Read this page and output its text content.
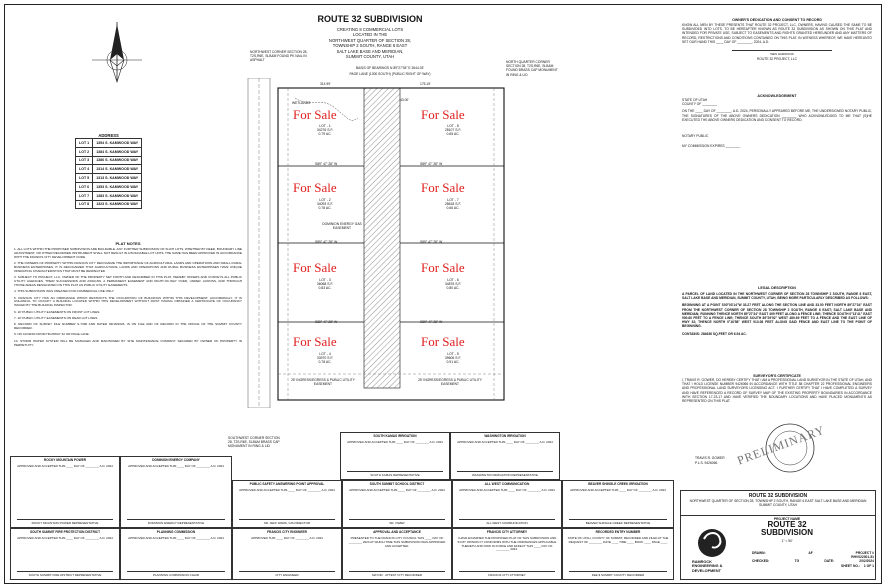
ROUTE 32 SUBDIVISION
CREATING 8 COMMERCIAL LOTS
LOCATED IN THE
NORTHWEST QUARTER OF SECTION 28,
TOWNSHIP 2 SOUTH, RANGE 6 EAST
SALT LAKE BASE AND MERIDIAN,
SUMMIT COUNTY, UTAH
ADDRESS
LOT 1	1354 S. KAMWOOD WAY
LOT 2	1384 S. KAMWOOD WAY
LOT 3	1386 S. KAMWOOD WAY
LOT 4	1314 S. KAMWOOD WAY
LOT 5	1313 S. KAMWOOD WAY
LOT 6	1353 S. KAMWOOD WAY
LOT 7	1383 S. KAMWOOD WAY
LOT 8	1323 S. KAMWOOD WAY
PLAT NOTES
1. ALL LOTS WITHIN THE PROPOSED SUBDIVISION ARE BUILDABLE. ANY FURTHER SUBDIVISION OF SUCH LOTS, WHETHER BY DEED, BOUNDARY LINE ADJUSTMENT, OR OTHER RECORDED INSTRUMENT SHALL NOT RESULT IN A BUILDABLE LOT UNTIL THE SAME HAS BEEN APPROVED IN ACCORDANCE WITH THE FRANCIS CITY DEVELOPMENT CODE.
2. THE OWNERS OF PROPERTY WITHIN FRANCIS CITY RECOGNIZE THE IMPORTANCE OF AGRICULTURAL LANDS AND OPERATIONS AND SMALL RURAL BUSINESS ENTERPRISES. IT IS RECOGNIZED THAT AGRICULTURAL LANDS AND OPERATIONS AND RURAL BUSINESS ENTERPRISES HAVE UNIQUE OPERATING CHARACTERISTICS THAT MUST BE RESPECTED.
3. SUBJECT TO PROJECT, LLC, OWNER OF THE PROPERTY SET FORTH AND DESCRIBED IN THIS PLAT, HEREBY OFFERS AND CONVEYS ALL PUBLIC UTILITY AGENCIES, THEIR SUCCESSORS AND ASSIGNS, A PERMANENT EASEMENT AND RIGHT-OF-WAY OVER, UNDER, ACROSS, AND THROUGH THOSE AREAS DESIGNATED ON THIS PLAT AS PUBLIC UTILITY EASEMENTS.
4. THIS SUBDIVISION WAS CREATED FOR COMMERCIAL USE ONLY.
5. FRANCIS CITY HAS AN ORDINANCE WHICH RESTRICTS THE OCCUPATION OF BUILDINGS WITHIN THIS DEVELOPMENT. ACCORDINGLY, IT IS UNLAWFUL TO OCCUPY A BUILDING LOCATED WITHIN THIS DEVELOPMENT WITHOUT FIRST HAVING OBTAINED A CERTIFICATE OF OCCUPANCY ISSUED BY THE BUILDING INSPECTOR.
6. 10' PUBLIC UTILITY EASEMENTS ON FRONT LOT LINES.
7. 10' PUBLIC UTILITY EASEMENTS ON REAR LOT LINES.
8. RECORD OF SURVEY FILE NUMBER S-7396 AND DATED 09/19/2023, IS ON FILE AND OF RECORD IN THE OFFICE OF THE SUMMIT COUNTY RECORDER.
9. NO ACCESS FROM HIGHWAY 32 OR PAGE LANE.
10. STORM WATER SYSTEM WILL BE MANAGED AND MAINTAINED BY SITE MAINTENANCE COMPANY SECURED BY OWNER OF PROPERTY IN PERPETUITY.
NORTHWEST CORNER SECTION 28, T2S,R6E, SLB&M FOUND PK NAIL IN ASPHALT	NORTH QUARTER CORNER SECTION 28, T2S,R6E, SLB&M FOUND BRASS CAP MONUMENT IN RING & LID
SOUTHWEST CORNER SECTION 28, T2S,R6E, SLB&M BRASS CAP MONUMENT IN RING & LID
PAGE LANE (1300 SOUTH) (PUBLIC RIGHT OF WAY)
BASIS OF BEARINGS N 89°27'35" E 2644.03'
WETLANDS
314.99'	175.15'
43.00'
S89° 47' 28" W	S89° 47' 28" W
S89° 47' 28" W	S89° 47' 28" W
S89° 47' 28" W	S89° 47' 28" W
For Sale
For Sale
For Sale
For Sale	For Sale
For Sale
For Sale
For Sale
LOT - 1
34276 S.F.
0.79 AC.
LOT - 2
34093 S.F.
0.78 AC.
LOT - 3
36068 S.F.
0.83 AC.
LOT - 4
33970 S.F.
0.78 AC.
LOT - 5
39606 S.F.
0.91 AC.
LOT - 6
34876 S.F.
0.80 AC.
LOT - 7
28618 S.F.
0.66 AC.
LOT - 8
28107 S.F.
0.65 AC.
DOMINION ENERGY GAS EASEMENT
25' INGRESS/EGRESS & PUBLIC UTILITY EASEMENT
25' INGRESS/EGRESS & PUBLIC UTILITY EASEMENT
OWNER'S DEDICATION AND CONSENT TO RECORD
KNOW ALL MEN BY THESE PRESENTS THAT ROUTE 32 PROJECT, LLC, OWNERS, HAVING CAUSED THE SAME TO BE SUBDIVIDED INTO LOTS, TO BE HEREAFTER KNOWN AS ROUTE 32 SUBDIVISION AS SHOWN ON THIS PLAT AND INTENDED FOR PRIVATE USE, SUBJECT TO EASEMENTS AND RIGHTS GRANTED HEREUNDER AND ANY MATTERS OF RECORD, RESTRICTIONS AND CONDITIONS CONTAINED ON THIS PLAT. IN WITNESS WHEREOF, WE HAVE HEREUNTO SET OUR HAND THIS ____ DAY OF ________, 2024, A.D.
WES HARWOOD
ROUTE 32 PROJECT, LLC
ACKNOWLEDGEMENT
STATE OF UTAH
COUNTY OF ________
ON THE ____ DAY OF ________, A.D. 2024, PERSONALLY APPEARED BEFORE ME, THE UNDERSIGNED NOTARY PUBLIC, THE SIGNATURES OF THE ABOVE OWNERS DEDICATION ________ WHO ACKNOWLEDGED TO ME THAT (S)HE EXECUTED THE ABOVE OWNERS DEDICATION AND CONSENT TO RECORD.
NOTARY PUBLIC
MY COMMISSION EXPIRES ________
LEGAL DESCRIPTION
A PARCEL OF LAND LOCATED IN THE NORTHWEST CORNER OF SECTION 28 TOWNSHIP 2 SOUTH, RANGE 6 EAST, SALT LAKE BASE AND MERIDIAN, SUMMIT COUNTY, UTAH, BEING MORE PARTICULARLY DESCRIBED AS FOLLOWS:
BEGINNING AT A POINT S00°03'14"W 33.27 FEET ALONG THE SECTION LINE AND 33.00 FEET NORTH 89°27'34" EAST FROM THE NORTHWEST CORNER OF SECTION 28 TOWNSHIP 2 SOUTH, RANGE 6 EAST; SALT LAKE BASE AND MERIDIAN; RUNNING THENCE NORTH 89°27'34" EAST 499 FEET ALONG A FENCE LINE; THENCE SOUTH 0°13'41" EAST 900.60 FEET TO A FENCE LINE; THENCE SOUTH 89°29'52" WEST 489.69 FEET TO A FENCE AND THE EAST LINE OF HWY 32; THENCE NORTH 0°16'58" WEST 913.08 FEET ALONG SAID FENCE AND EAST LINE TO THE POINT OF BEGINNING.
CONTAINS: 284636 SQ.FEET OR 6.54 AC.
SURVEYOR'S CERTIFICATE
I, TRAVIS R. GOWER, DO HEREBY CERTIFY THAT I AM A PROFESSIONAL LAND SURVEYOR IN THE STATE OF UTAH, AND THAT I HOLD LICENSE NUMBER 9426066 IN ACCORDANCE WITH TITLE 58 CHAPTER 22 PROFESSIONAL ENGINEERS AND PROFESSIONAL LAND SURVEYORS LICENSING ACT. I FURTHER CERTIFY THAT I HAVE COMPLETED A SURVEY AND HAVE REFERENCED A RECORD OF SURVEY MAP OF THE EXISTING PROPERTY BOUNDARIES IN ACCORDANCE WITH SECTION 17-23-17 AND HAVE VERIFIED THE BOUNDARY LOCATIONS AND HAVE PLACED MONUMENTS AS REPRESENTED ON THIS PLAT.
PRELIMINARY
TRAVIS R. GOWER
P.L.S. 9426066
ROUTE 32 SUBDIVISION
NORTHWEST QUARTER OF SECTION 28, TOWNSHIP 2 SOUTH, RANGE 6 EAST SALT LAKE BASE AND MERIDIAN SUMMIT COUNTY, UTAH
RAMROCK
ENGINEERING &
DEVELOPMENT
PROJECT NAME
ROUTE 32 SUBDIVISION
1" = 50'
DRAWN:	AF	PROJECT #
RHV022301-51
CHECKED:	TG	DATE:	2/02/2024
SHEET NO.: 1 OF 1
SOUTH KAMAS IRRIGATION
APPROVED AND ACCEPTED THIS ____ DAY OF ________ A.D. 2024
SOUTH KAMAS REPRESENTATIVE
WASHINGTON IRRIGATION
APPROVED AND ACCEPTED THIS ____ DAY OF ________ A.D. 2024
WASHINGTON IRRIGATION REPRESENTATIVE
ROCKY MOUNTAIN POWER
APPROVED AND ACCEPTED THIS ____ DAY OF ________ A.D. 2024
ROCKY MOUNTAIN POWER REPRESENTATIVE
DOMINION ENERGY COMPANY
APPROVED AND ACCEPTED THIS ____ DAY OF ________ A.D. 2024
DOMINION ENERGY REPRESENTATIVE
PUBLIC SAFETY ANSWERING POINT APPROVAL
APPROVED AND ACCEPTED THIS ____ DAY OF ________ A.D. 2024
SR. JEFF WARD, GIS DIRECTOR
SOUTH SUMMIT SCHOOL DISTRICT
APPROVED AND ACCEPTED THIS ____ DAY OF ________ A.D. 2024
SR. OWER
ALL WEST COMMUNICATION
APPROVED AND ACCEPTED THIS ____ DAY OF ________ A.D. 2024
ALL WEST COMMUNICATION
BEAVER SHINGLE CREEK IRRIGATION
APPROVED AND ACCEPTED THIS ____ DAY OF ________ A.D. 2024
BEAVER SHINGLE CREEK REPRESENTATIVE
SOUTH SUMMIT FIRE PROTECTION DISTRICT
APPROVED AND ACCEPTED THIS ____ DAY OF ________ A.D. 2024
SOUTH SUMMIT FIRE DISTRICT REPRESENTATIVE
PLANNING COMMISSION
APPROVED AND ACCEPTED THIS ____ DAY OF ________ A.D. 2024
PLANNING COMMISSION CHAIR
FRANCIS CITY ENGINEER
APPROVED THIS ____ DAY OF ________ A.D. 2024
CITY ENGINEER
APPROVAL AND ACCEPTANCE
PRESENTED TO THE FRANCIS CITY COUNCIL THIS ____ DAY OF ________ 2024 AT WHICH TIME THIS SUBDIVISION WAS APPROVED AND ACCEPTED.
MAYOR · ATTEST CITY RECORDER
FRANCIS CITY ATTORNEY
I HAVE EXAMINED THE PROPOSED PLAT OF THIS SUBDIVISION AND IN MY OPINION IT CONFORMS WITH THE ORDINANCES APPLICABLE THERETO AND NOW IN FORCE AND EFFECT THIS ____ DAY OF ________ 2024.
FRANCIS CITY ATTORNEY
RECORDED ENTRY NUMBER
STATE OF UTAH, COUNTY OF SUMMIT, RECORDED AND FILED AT THE REQUEST OF ________ DATE ____ TIME ____ BOOK ____ PAGE ____
FEE $ SUMMIT COUNTY RECORDER
